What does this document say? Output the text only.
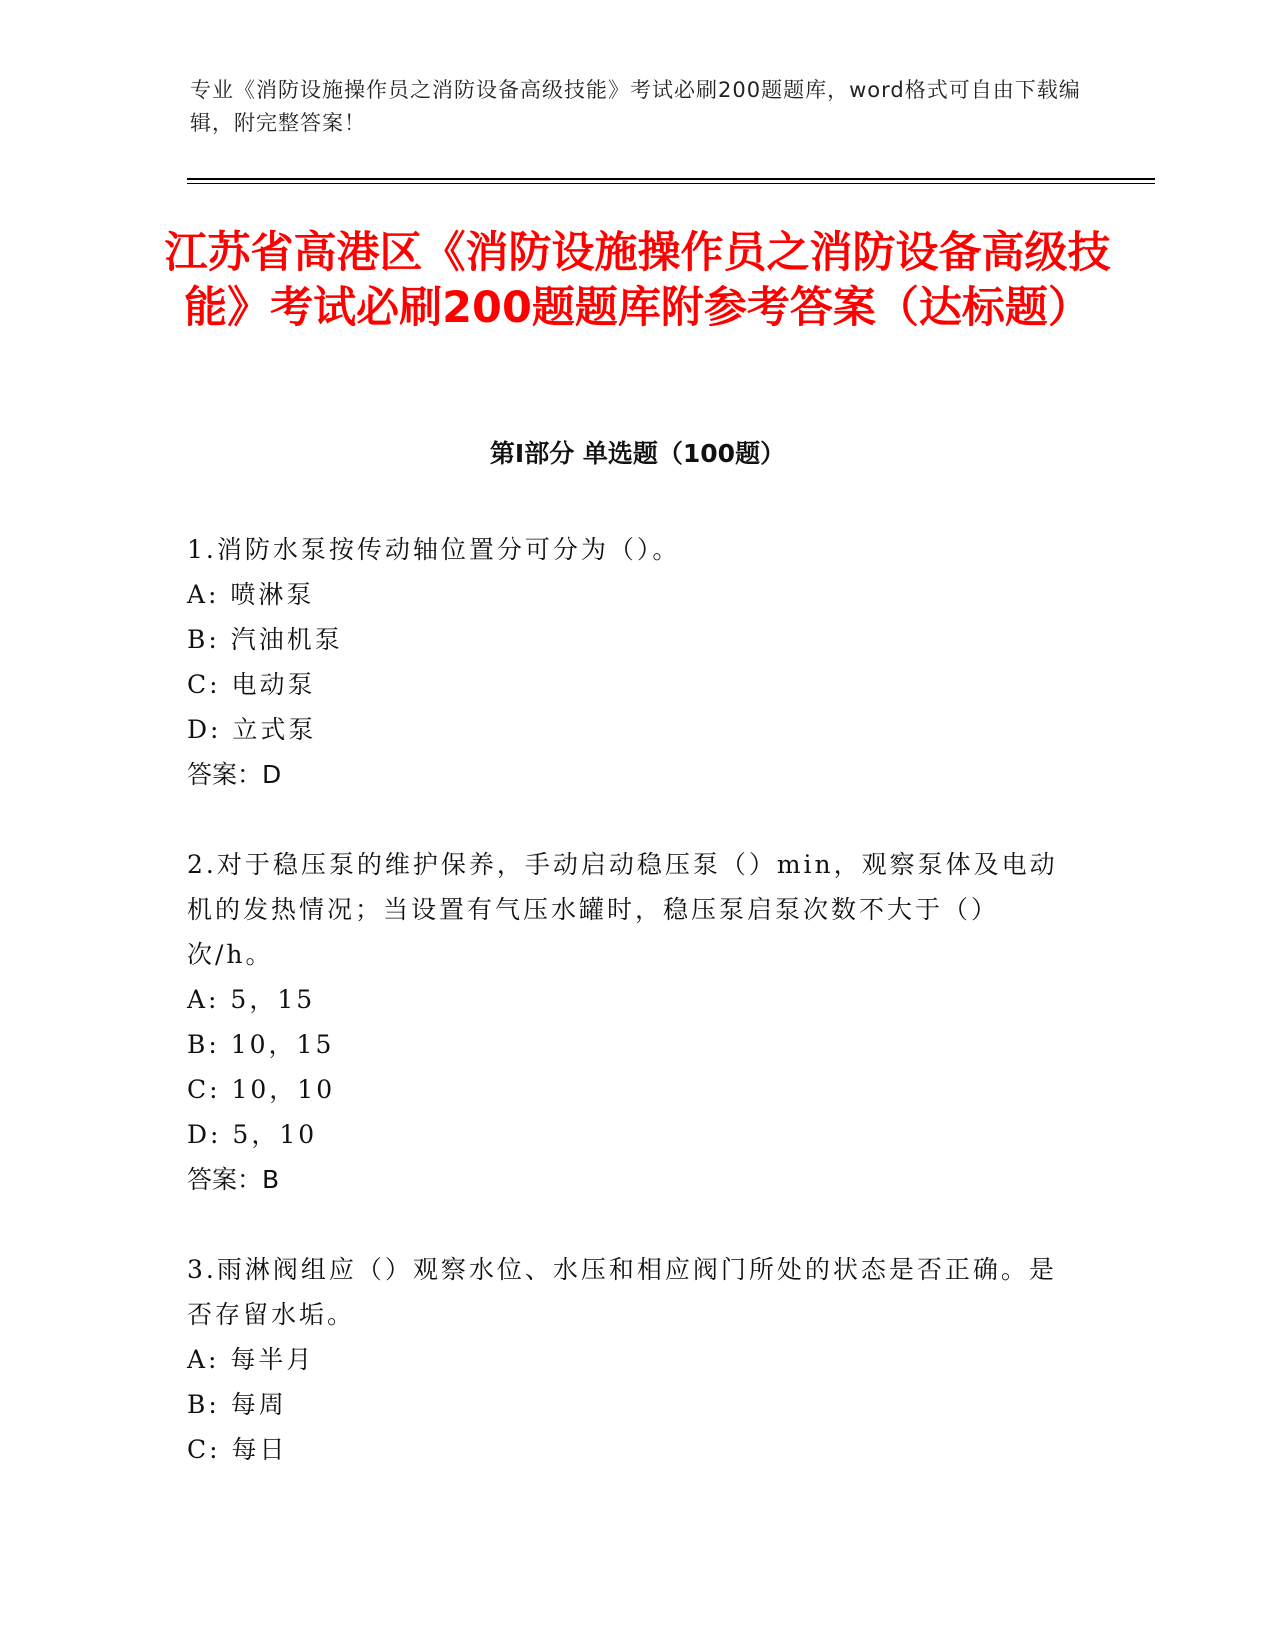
专业《消防设施操作员之消防设备高级技能》考试必刷200题题库，word格式可自由下载编辑，附完整答案！
江苏省高港区《消防设施操作员之消防设备高级技能》考试必刷200题题库附参考答案（达标题）
第Ⅰ部分 单选题（100题）
1.消防水泵按传动轴位置分可分为（）。
A: 喷淋泵
B: 汽油机泵
C: 电动泵
D: 立式泵
答案：D
2.对于稳压泵的维护保养，手动启动稳压泵（）min，观察泵体及电动机的发热情况；当设置有气压水罐时，稳压泵启泵次数不大于（）次/h。
A: 5，15
B: 10，15
C: 10，10
D: 5，10
答案：B
3.雨淋阀组应（）观察水位、水压和相应阀门所处的状态是否正确。是否存留水垢。
A: 每半月
B: 每周
C: 每日
